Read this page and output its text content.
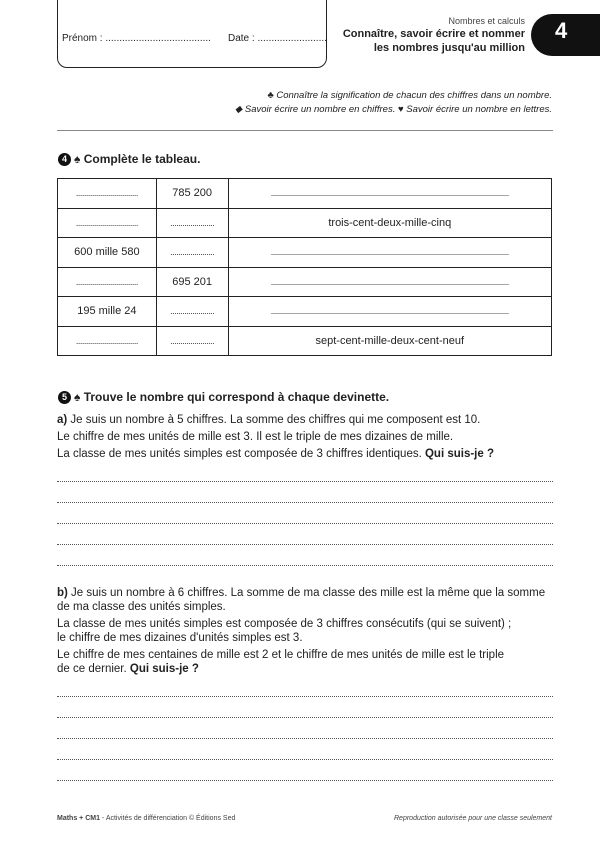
Prénom : ...................................... Date : .........................
Nombres et calculs
Connaître, savoir écrire et nommer
les nombres jusqu'au million
4
♣ Connaître la signification de chacun des chiffres dans un nombre.
◆ Savoir écrire un nombre en chiffres. ♥ Savoir écrire un nombre en lettres.
4 ♠ Complète le tableau.
...............................	785 200	.......................................................................................................................
...............................	......................	trois-cent-deux-mille-cinq
600 mille 580	......................	.......................................................................................................................
...............................	695 201	.......................................................................................................................
195 mille 24	......................	.......................................................................................................................
...............................	......................	sept-cent-mille-deux-cent-neuf
5 ♠ Trouve le nombre qui correspond à chaque devinette.
a) Je suis un nombre à 5 chiffres. La somme des chiffres qui me composent est 10.
Le chiffre de mes unités de mille est 3. Il est le triple de mes dizaines de mille.
La classe de mes unités simples est composée de 3 chiffres identiques. Qui suis-je ?
b) Je suis un nombre à 6 chiffres. La somme de ma classe des mille est la même que la somme
de ma classe des unités simples.
La classe de mes unités simples est composée de 3 chiffres consécutifs (qui se suivent) ;
le chiffre de mes dizaines d'unités simples est 3.
Le chiffre de mes centaines de mille est 2 et le chiffre de mes unités de mille est le triple
de ce dernier. Qui suis-je ?
Maths + CM1 - Activités de différenciation © Éditions Sed	Reproduction autorisée pour une classe seulement
